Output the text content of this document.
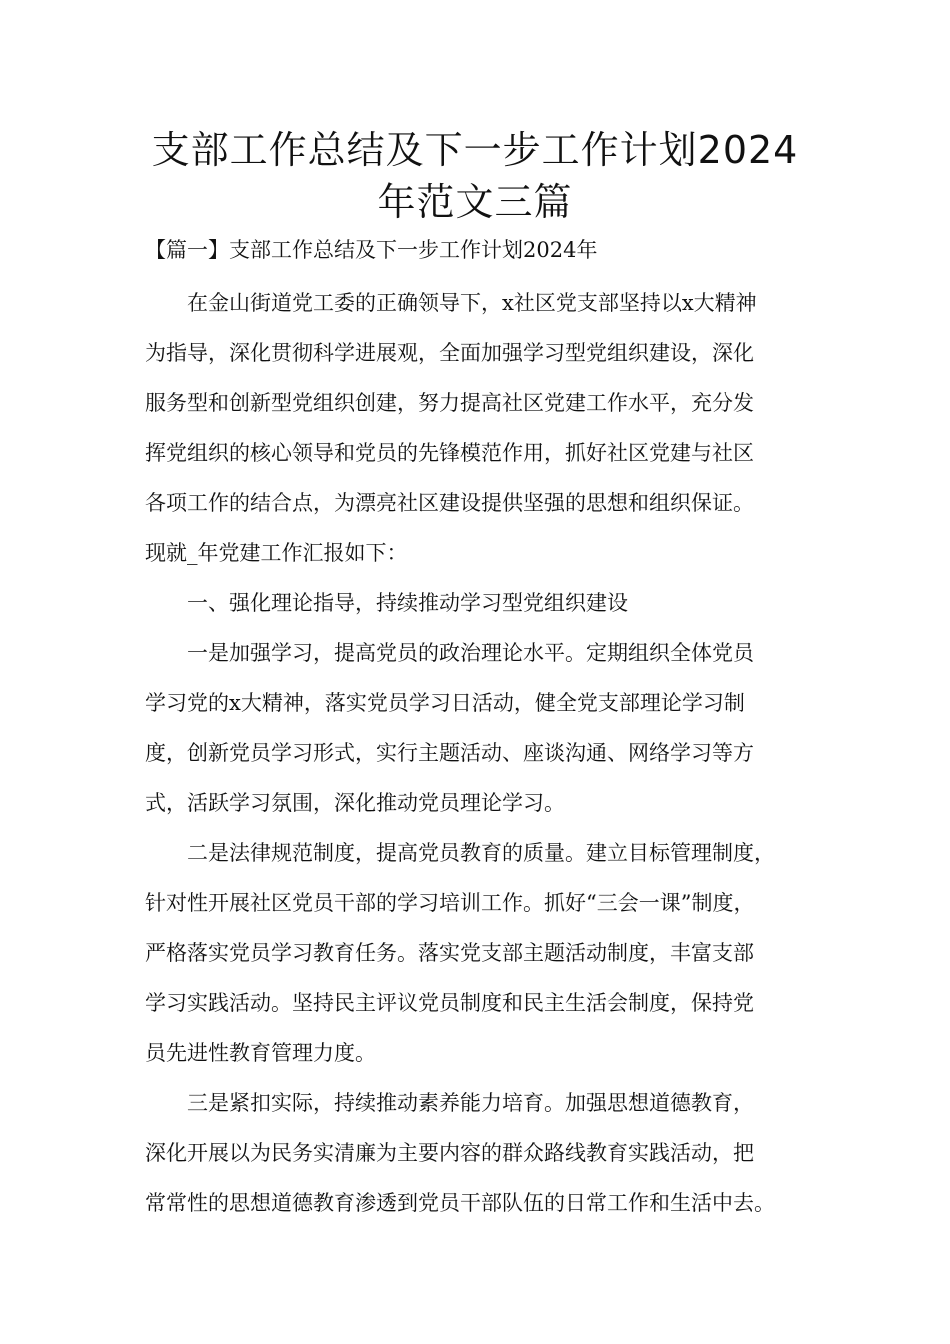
支部工作总结及下一步工作计划2024
年范文三篇
【篇一】支部工作总结及下一步工作计划2024年

在金山街道党工委的正确领导下，x社区党支部坚持以x大精神
为指导，深化贯彻科学进展观，全面加强学习型党组织建设，深化
服务型和创新型党组织创建，努力提高社区党建工作水平，充分发
挥党组织的核心领导和党员的先锋模范作用，抓好社区党建与社区
各项工作的结合点，为漂亮社区建设提供坚强的思想和组织保证。
现就_年党建工作汇报如下：

一、强化理论指导，持续推动学习型党组织建设

一是加强学习，提高党员的政治理论水平。定期组织全体党员
学习党的x大精神，落实党员学习日活动，健全党支部理论学习制
度，创新党员学习形式，实行主题活动、座谈沟通、网络学习等方
式，活跃学习氛围，深化推动党员理论学习。

二是法律规范制度，提高党员教育的质量。建立目标管理制度，
针对性开展社区党员干部的学习培训工作。抓好“三会一课”制度，
严格落实党员学习教育任务。落实党支部主题活动制度，丰富支部
学习实践活动。坚持民主评议党员制度和民主生活会制度，保持党
员先进性教育管理力度。

三是紧扣实际，持续推动素养能力培育。加强思想道德教育，
深化开展以为民务实清廉为主要内容的群众路线教育实践活动，把
常常性的思想道德教育渗透到党员干部队伍的日常工作和生活中去。
